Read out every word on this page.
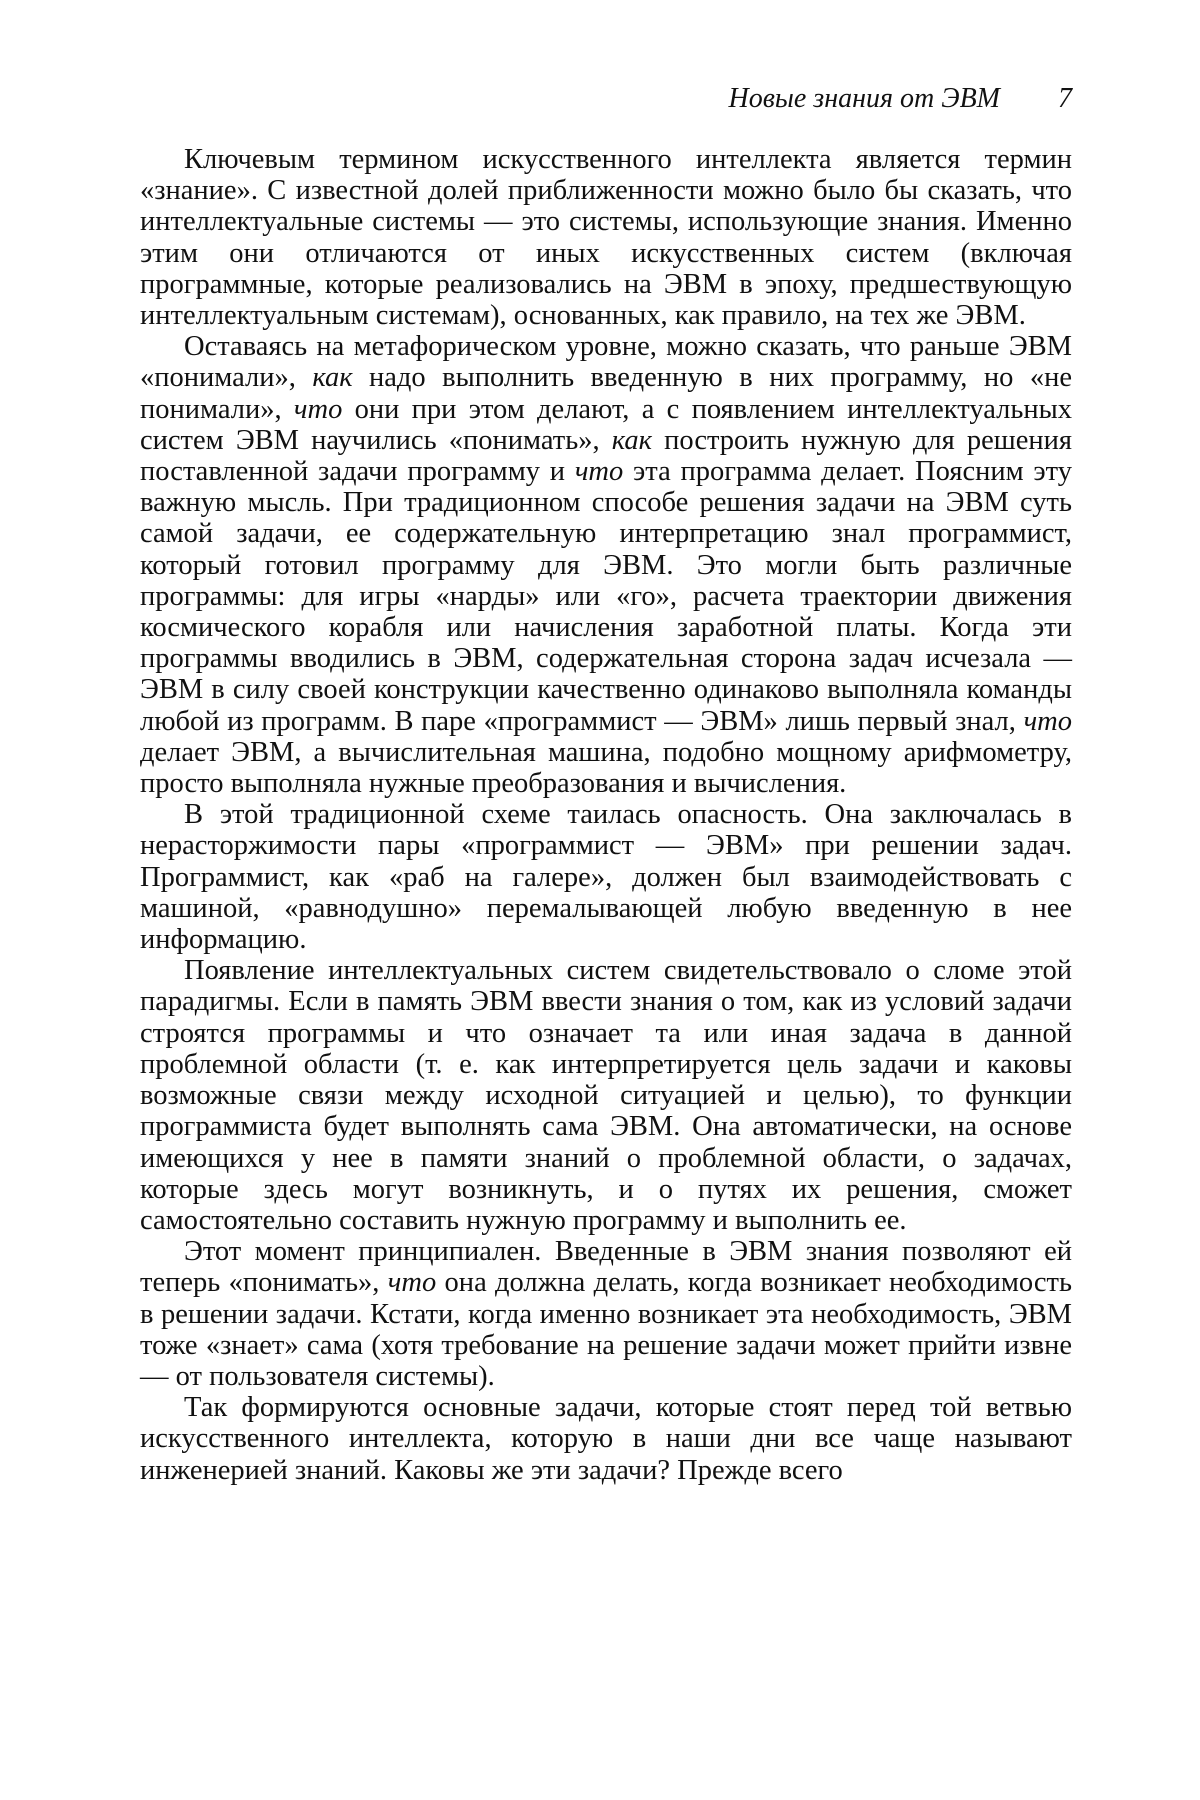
Новые знания от ЭВМ 7

Ключевым термином искусственного интеллекта является термин «знание». С известной долей приближенности можно было бы сказать, что интеллектуальные системы — это системы, использующие знания. Именно этим они отличаются от иных искусственных систем (включая программные, которые реализовались на ЭВМ в эпоху, предшествующую интеллектуальным системам), основанных, как правило, на тех же ЭВМ.

Оставаясь на метафорическом уровне, можно сказать, что раньше ЭВМ «понимали», как надо выполнить введенную в них программу, но «не понимали», что они при этом делают, а с появлением интеллектуальных систем ЭВМ научились «понимать», как построить нужную для решения поставленной задачи программу и что эта программа делает. Поясним эту важную мысль. При традиционном способе решения задачи на ЭВМ суть самой задачи, ее содержательную интерпретацию знал программист, который готовил программу для ЭВМ. Это могли быть различные программы: для игры «нарды» или «го», расчета траектории движения космического корабля или начисления заработной платы. Когда эти программы вводились в ЭВМ, содержательная сторона задач исчезала — ЭВМ в силу своей конструкции качественно одинаково выполняла команды любой из программ. В паре «программист — ЭВМ» лишь первый знал, что делает ЭВМ, а вычислительная машина, подобно мощному арифмометру, просто выполняла нужные преобразования и вычисления.

В этой традиционной схеме таилась опасность. Она заключалась в нерасторжимости пары «программист — ЭВМ» при решении задач. Программист, как «раб на галере», должен был взаимодействовать с машиной, «равнодушно» перемалывающей любую введенную в нее информацию.

Появление интеллектуальных систем свидетельствовало о сломе этой парадигмы. Если в память ЭВМ ввести знания о том, как из условий задачи строятся программы и что означает та или иная задача в данной проблемной области (т. е. как интерпретируется цель задачи и каковы возможные связи между исходной ситуацией и целью), то функции программиста будет выполнять сама ЭВМ. Она автоматически, на основе имеющихся у нее в памяти знаний о проблемной области, о задачах, которые здесь могут возникнуть, и о путях их решения, сможет самостоятельно составить нужную программу и выполнить ее.

Этот момент принципиален. Введенные в ЭВМ знания позволяют ей теперь «понимать», что она должна делать, когда возникает необходимость в решении задачи. Кстати, когда именно возникает эта необходимость, ЭВМ тоже «знает» сама (хотя требование на решение задачи может прийти извне — от пользователя системы).

Так формируются основные задачи, которые стоят перед той ветвью искусственного интеллекта, которую в наши дни все чаще называют инженерией знаний. Каковы же эти задачи? Прежде всего
